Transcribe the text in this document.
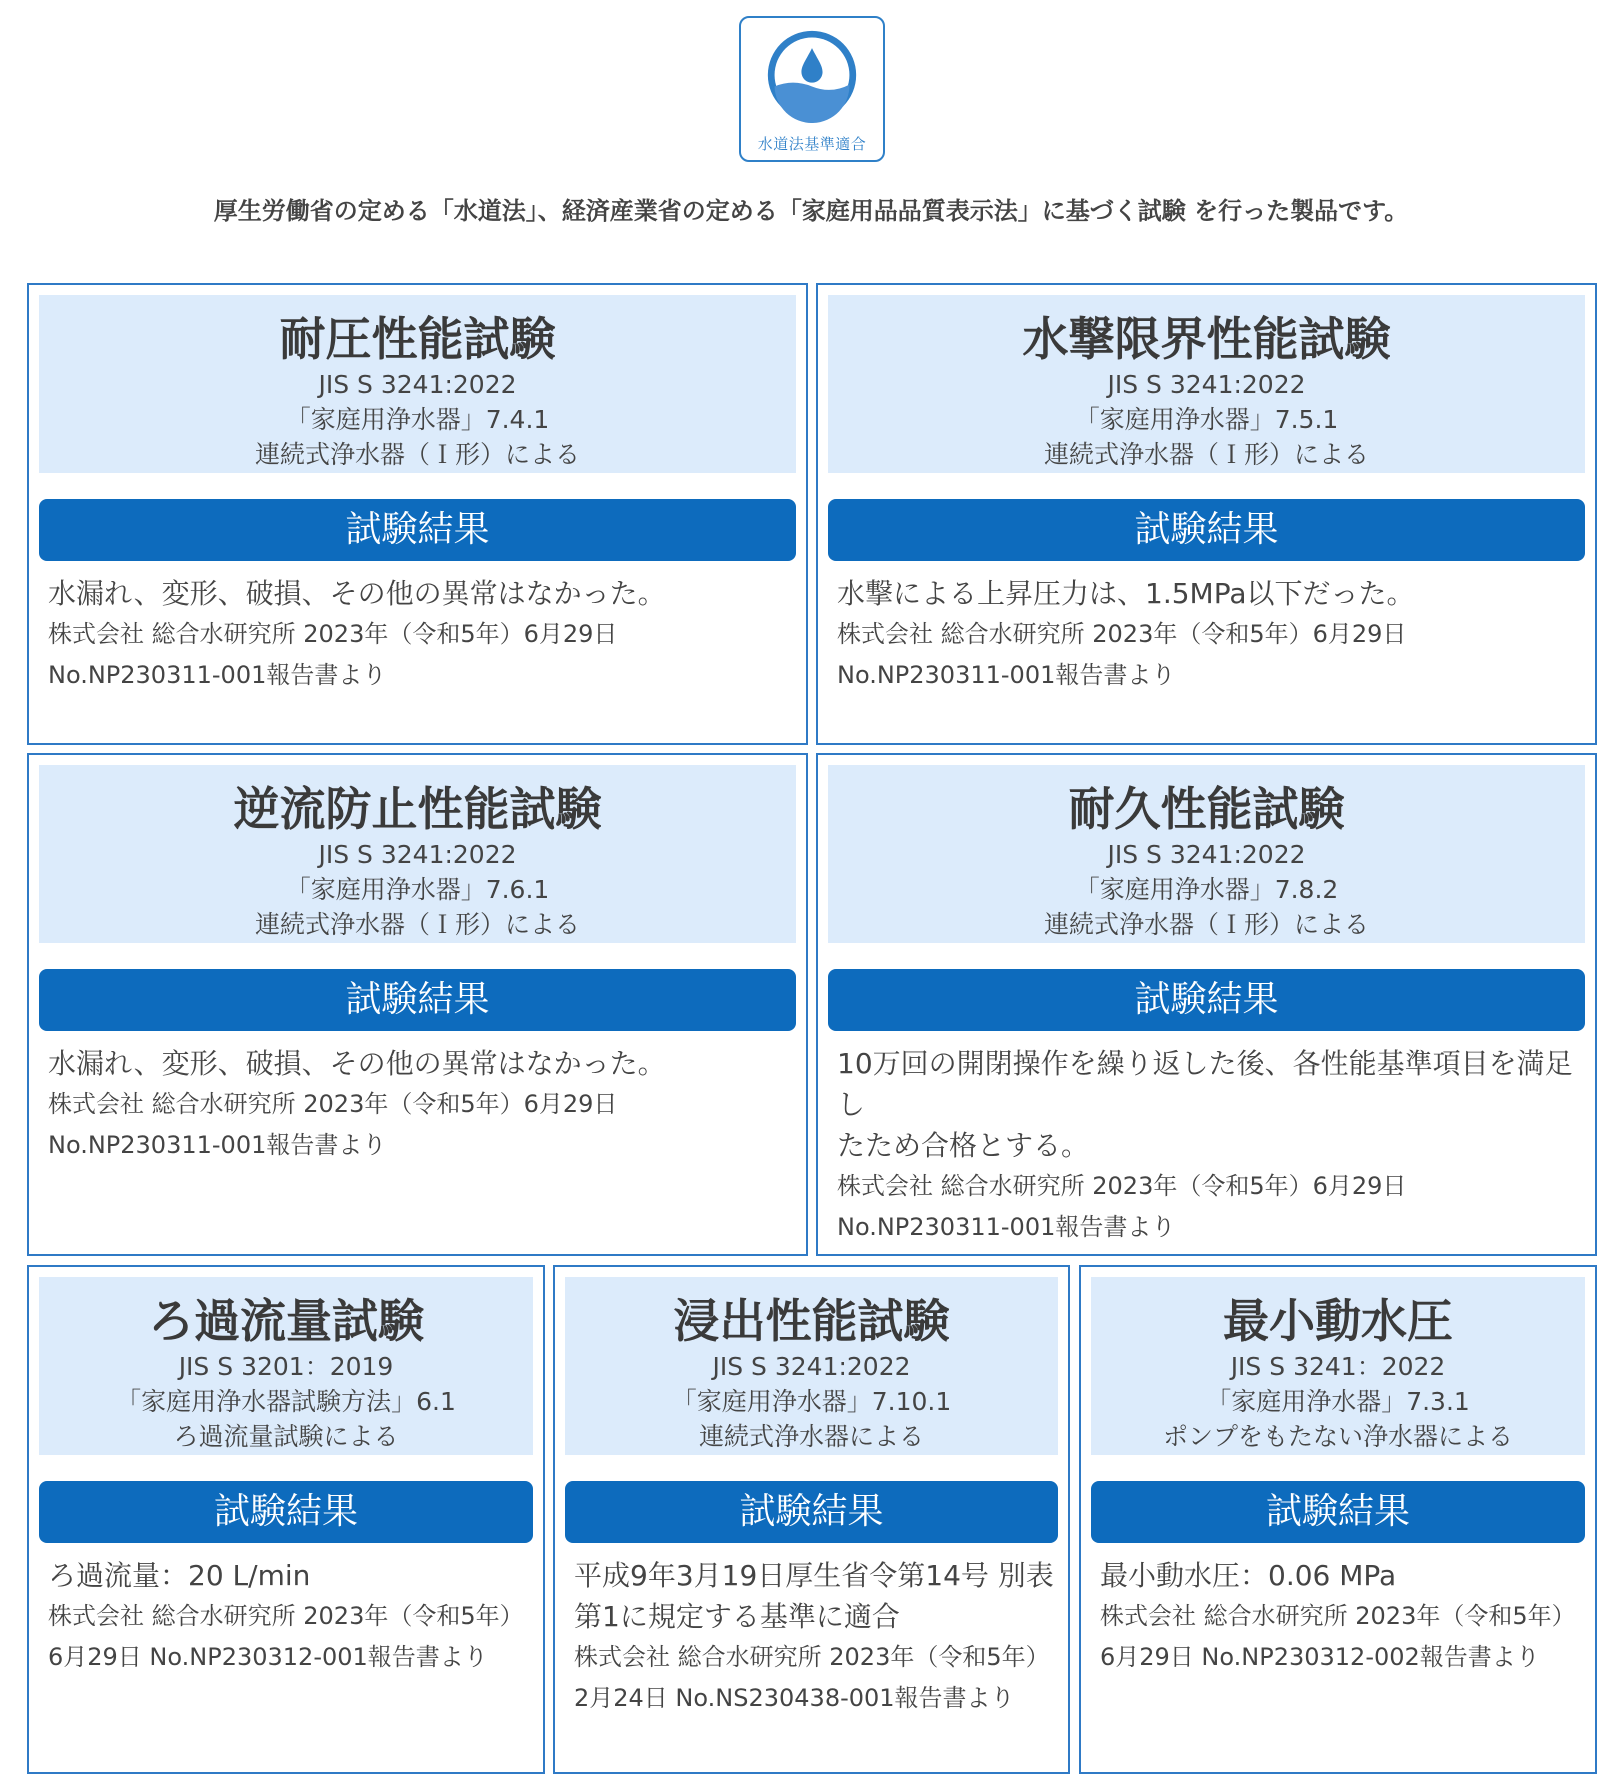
水道法基準適合
厚生労働省の定める「水道法」、経済産業省の定める「家庭用品品質表示法」に基づく試験 を行った製品です。
耐圧性能試験
JIS S 3241:2022
「家庭用浄水器」7.4.1
連続式浄水器（Ｉ形）による
試験結果
水漏れ、変形、破損、その他の異常はなかった。
株式会社 総合水研究所 2023年（令和5年）6月29日
No.NP230311-001報告書より
水撃限界性能試験
JIS S 3241:2022
「家庭用浄水器」7.5.1
連続式浄水器（Ｉ形）による
試験結果
水撃による上昇圧力は、1.5MPa以下だった。
株式会社 総合水研究所 2023年（令和5年）6月29日
No.NP230311-001報告書より
逆流防止性能試験
JIS S 3241:2022
「家庭用浄水器」7.6.1
連続式浄水器（Ｉ形）による
試験結果
水漏れ、変形、破損、その他の異常はなかった。
株式会社 総合水研究所 2023年（令和5年）6月29日
No.NP230311-001報告書より
耐久性能試験
JIS S 3241:2022
「家庭用浄水器」7.8.2
連続式浄水器（Ｉ形）による
試験結果
10万回の開閉操作を繰り返した後、各性能基準項目を満足し
たため合格とする。
株式会社 総合水研究所 2023年（令和5年）6月29日
No.NP230311-001報告書より
ろ過流量試験
JIS S 3201：2019
「家庭用浄水器試験方法」6.1
ろ過流量試験による
試験結果
ろ過流量：20 L/min
株式会社 総合水研究所 2023年（令和5年）
6月29日 No.NP230312-001報告書より
浸出性能試験
JIS S 3241:2022
「家庭用浄水器」7.10.1
連続式浄水器による
試験結果
平成9年3月19日厚生省令第14号 別表
第1に規定する基準に適合
株式会社 総合水研究所 2023年（令和5年）
2月24日 No.NS230438-001報告書より
最小動水圧
JIS S 3241：2022
「家庭用浄水器」7.3.1
ポンプをもたない浄水器による
試験結果
最小動水圧：0.06 MPa
株式会社 総合水研究所 2023年（令和5年）
6月29日 No.NP230312-002報告書より
